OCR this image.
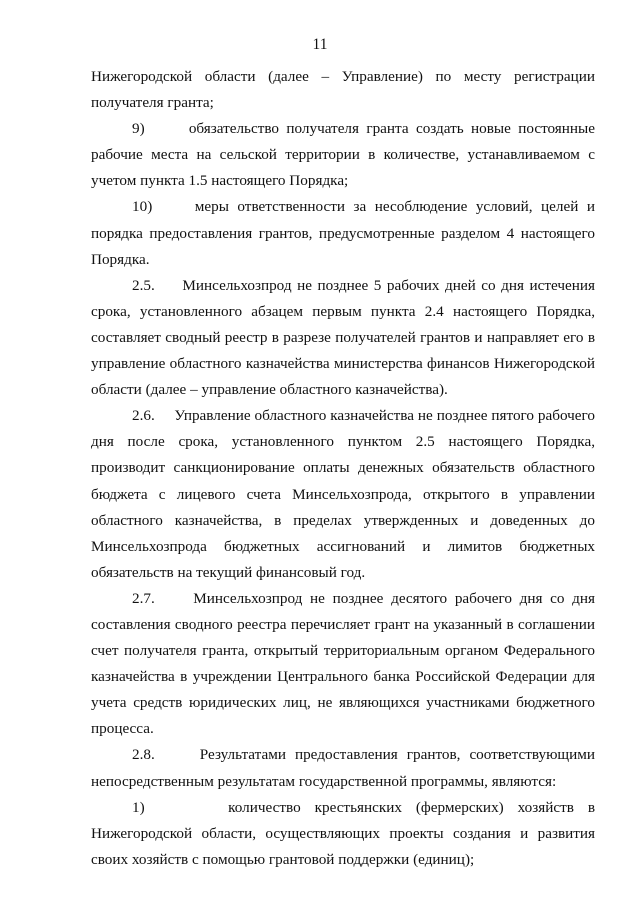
11

Нижегородской области (далее – Управление) по месту регистрации получателя гранта;

9)      обязательство получателя гранта создать новые постоянные рабочие места на сельской территории в количестве, устанавливаемом с учетом пункта 1.5 настоящего Порядка;

10)     меры ответственности за несоблюдение условий, целей и порядка предоставления грантов, предусмотренные разделом 4 настоящего Порядка.

2.5.     Минсельхозпрод не позднее 5 рабочих дней со дня истечения срока, установленного абзацем первым пункта 2.4 настоящего Порядка, составляет сводный реестр в разрезе получателей грантов и направляет его в управление областного казначейства министерства финансов Нижегородской области (далее – управление областного казначейства).

2.6.     Управление областного казначейства не позднее пятого рабочего дня после срока, установленного пунктом 2.5 настоящего Порядка, производит санкционирование оплаты денежных обязательств областного бюджета с лицевого счета Минсельхозпрода, открытого в управлении областного казначейства, в пределах утвержденных и доведенных до Минсельхозпрода бюджетных ассигнований и лимитов бюджетных обязательств на текущий финансовый год.

2.7.     Минсельхозпрод не позднее десятого рабочего дня со дня составления сводного реестра перечисляет грант на указанный в соглашении счет получателя гранта, открытый территориальным органом Федерального казначейства в учреждении Центрального банка Российской Федерации для учета средств юридических лиц, не являющихся участниками бюджетного процесса.

2.8.     Результатами предоставления грантов, соответствующими непосредственным результатам государственной программы, являются:

1)      количество крестьянских (фермерских) хозяйств в Нижегородской области, осуществляющих проекты создания и развития своих хозяйств с помощью грантовой поддержки (единиц);
